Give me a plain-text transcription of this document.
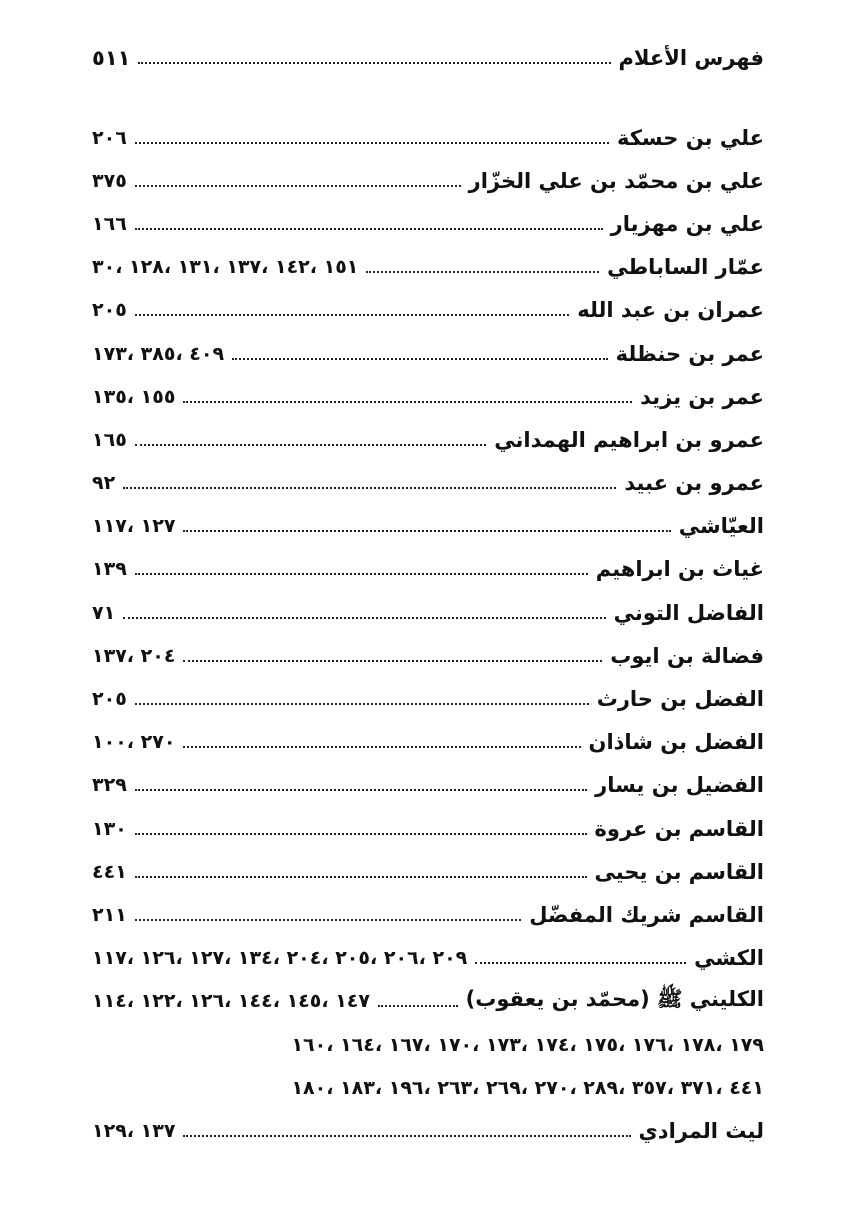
فهرس الأعلام
٥١١
علي بن حسكة
٢٠٦
علي بن محمّد بن علي الخزّار
٣٧٥
علي بن مهزيار
١٦٦
عمّار الساباطي
١٥١ ،١٤٢ ،١٣٧ ،١٣١ ،١٢٨ ،٣٠
عمران بن عبد الله
٢٠٥
عمر بن حنظلة
٤٠٩ ،٣٨٥ ،١٧٣
عمر بن يزيد
١٥٥ ،١٣٥
عمرو بن ابراهيم الهمداني
١٦٥
عمرو بن عبيد
٩٢
العيّاشي
١٢٧ ،١١٧
غياث بن ابراهيم
١٣٩
الفاضل التوني
٧١
فضالة بن ايوب
٢٠٤ ،١٣٧
الفضل بن حارث
٢٠٥
الفضل بن شاذان
٢٧٠ ،١٠٠
الفضيل بن يسار
٣٢٩
القاسم بن عروة
١٣٠
القاسم بن يحيى
٤٤١
القاسم شريك المفضّل
٢١١
الكشي
٢٠٩ ،٢٠٦ ،٢٠٥ ،٢٠٤ ،١٣٤ ،١٢٧ ،١٢٦ ،١١٧
الكليني ﷺ (محمّد بن يعقوب)
١٤٧ ،١٤٥ ،١٤٤ ،١٢٦ ،١٢٢ ،١١٤
١٧٩ ،١٧٨ ،١٧٦ ،١٧٥ ،١٧٤ ،١٧٣ ،١٧٠ ،١٦٧ ،١٦٤ ،١٦٠
٤٤١ ،٣٧١ ،٣٥٧ ،٢٨٩ ،٢٧٠ ،٢٦٩ ،٢٦٣ ،١٩٦ ،١٨٣ ،١٨٠
ليث المرادي
١٣٧ ،١٢٩
